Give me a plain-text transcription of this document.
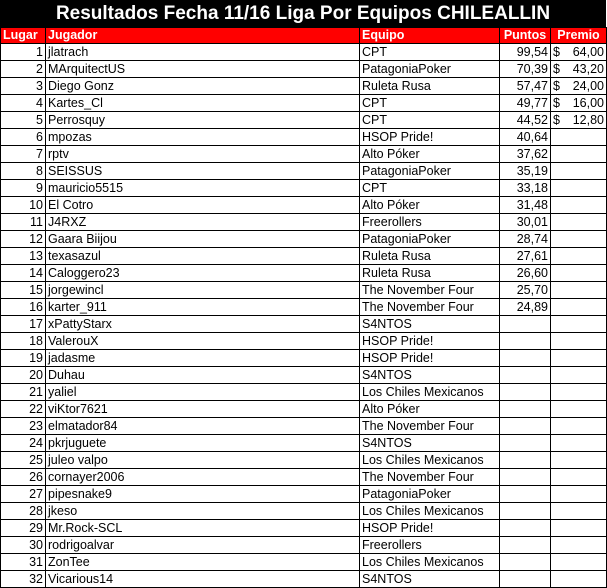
Resultados Fecha 11/16 Liga Por Equipos CHILEALLIN
Lugar	Jugador	Equipo	Puntos	Premio
1	jlatrach	CPT	99,54	$ 64,00

2	MArquitectUS	PatagoniaPoker	70,39	$ 43,20

3	Diego Gonz	Ruleta Rusa	57,47	$ 24,00

4	Kartes_Cl	CPT	49,77	$ 16,00

5	Perrosquy	CPT	44,52	$ 12,80

6	mpozas	HSOP Pride!	40,64	

7	rptv	Alto Póker	37,62	

8	SEISSUS	PatagoniaPoker	35,19	

9	mauricio5515	CPT	33,18	

10	El Cotro	Alto Póker	31,48	

11	J4RXZ	Freerollers	30,01	

12	Gaara Biijou	PatagoniaPoker	28,74	

13	texasazul	Ruleta Rusa	27,61	

14	Caloggero23	Ruleta Rusa	26,60	

15	jorgewincl	The November Four	25,70	

16	karter_911	The November Four	24,89	

17	xPattyStarx	S4NTOS		

18	ValerouX	HSOP Pride!		

19	jadasme	HSOP Pride!		

20	Duhau	S4NTOS		

21	yaliel	Los Chiles Mexicanos		

22	viKtor7621	Alto Póker		

23	elmatador84	The November Four		

24	pkrjuguete	S4NTOS		

25	juleo valpo	Los Chiles Mexicanos		

26	cornayer2006	The November Four		

27	pipesnake9	PatagoniaPoker		

28	jkeso	Los Chiles Mexicanos		

29	Mr.Rock-SCL	HSOP Pride!		

30	rodrigoalvar	Freerollers		

31	ZonTee	Los Chiles Mexicanos		

32	Vicarious14	S4NTOS		
